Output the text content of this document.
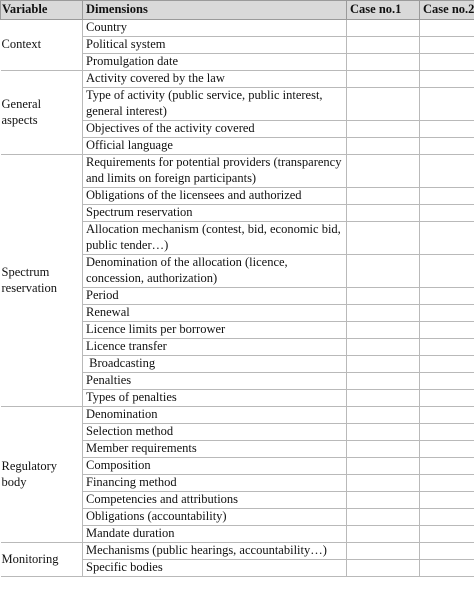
Variable	Dimensions	Case no.1	Case no.2
Context	Country		
	Political system		
	Promulgation date		
General aspects	Activity covered by the law		
	Type of activity (public service, public interest, general interest)		
	Objectives of the activity covered		
	Official language		
Spectrum reservation	Requirements for potential providers (transparency and limits on foreign participants)		
	Obligations of the licensees and authorized		
	Spectrum reservation		
	Allocation mechanism (contest, bid, economic bid, public tender…)		
	Denomination of the allocation (licence, concession, authorization)		
	Period		
	Renewal		
	Licence limits per borrower		
	Licence transfer		
	Broadcasting		
	Penalties		
	Types of penalties		
Regulatory body	Denomination		
	Selection method		
	Member requirements		
	Composition		
	Financing method		
	Competencies and attributions		
	Obligations (accountability)		
	Mandate duration		
Monitoring	Mechanisms (public hearings, accountability…)		
	Specific bodies		
